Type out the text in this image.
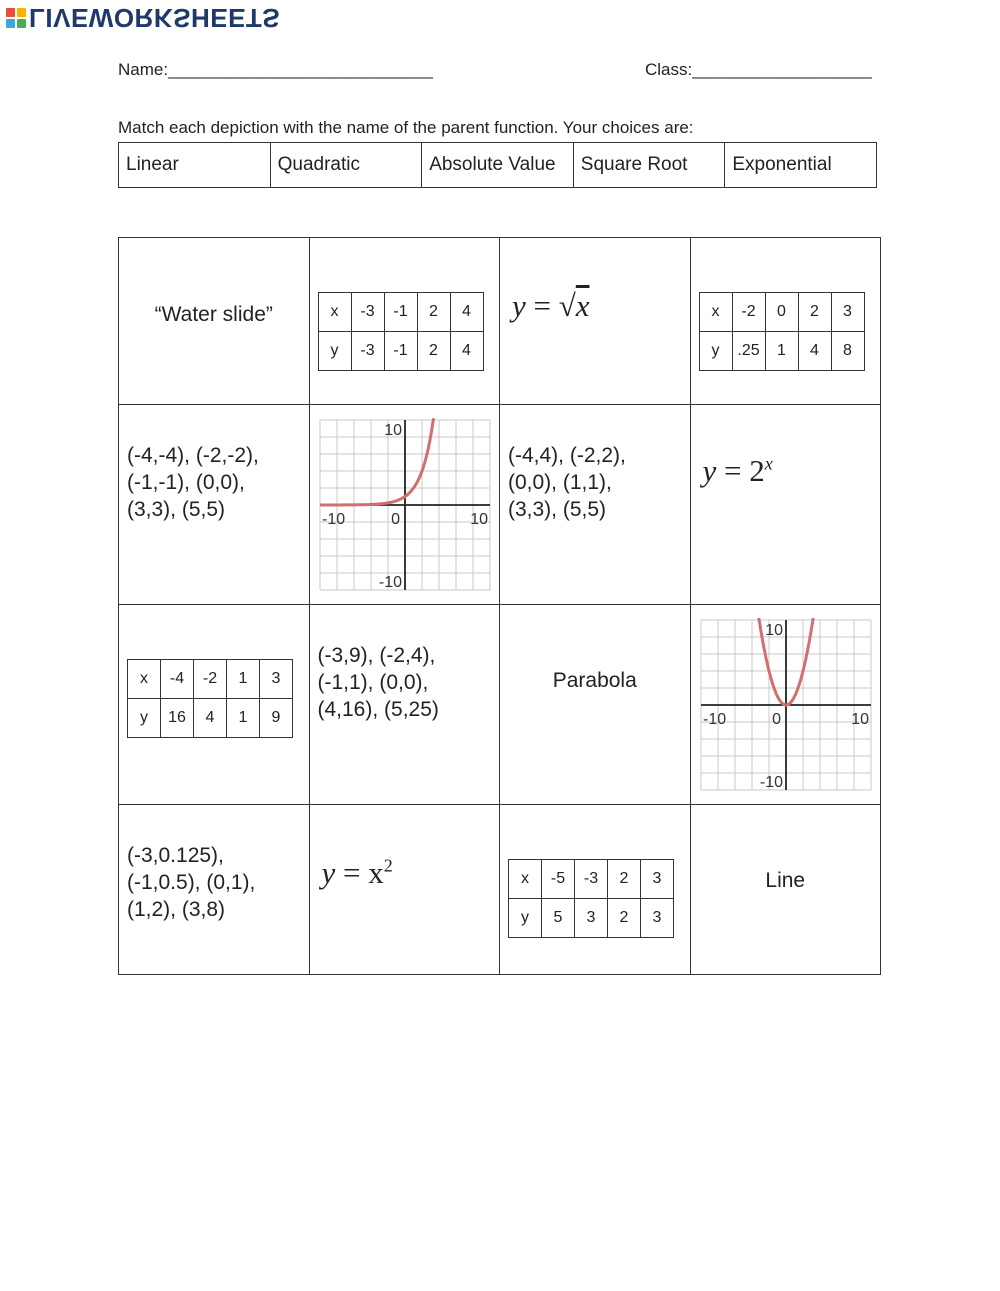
LIVEWORKSHEETS
Name:____________________________	Class:___________________
Match each depiction with the name of the parent function. Your choices are:
Linear	Quadratic	Absolute Value	Square Root	Exponential
“Water slide”
		x	-3	-1	2	4
y	-3	-1	2	4

y = √x
		x	-2	0	2	3
y	.25	1	4	8

(-4,-4), (-2,-2),
(-1,-1), (0,0),
(3,3), (5,5)

10
-10	0	10
-10

(-4,4), (-2,2),
(0,0), (1,1),
(3,3), (5,5)

$y = 2^x$

x	-4	-2	1	3
y	16	4	1	9

(-3,9), (-2,4),
(-1,1), (0,0),
(4,16), (5,25)

Parabola

10
-10	0	10
-10

(-3,0.125),
(-1,0.5), (0,1),
(1,2), (3,8)

$y = x^2$

x	-5	-3	2	3
y	5	3	2	3

Line
